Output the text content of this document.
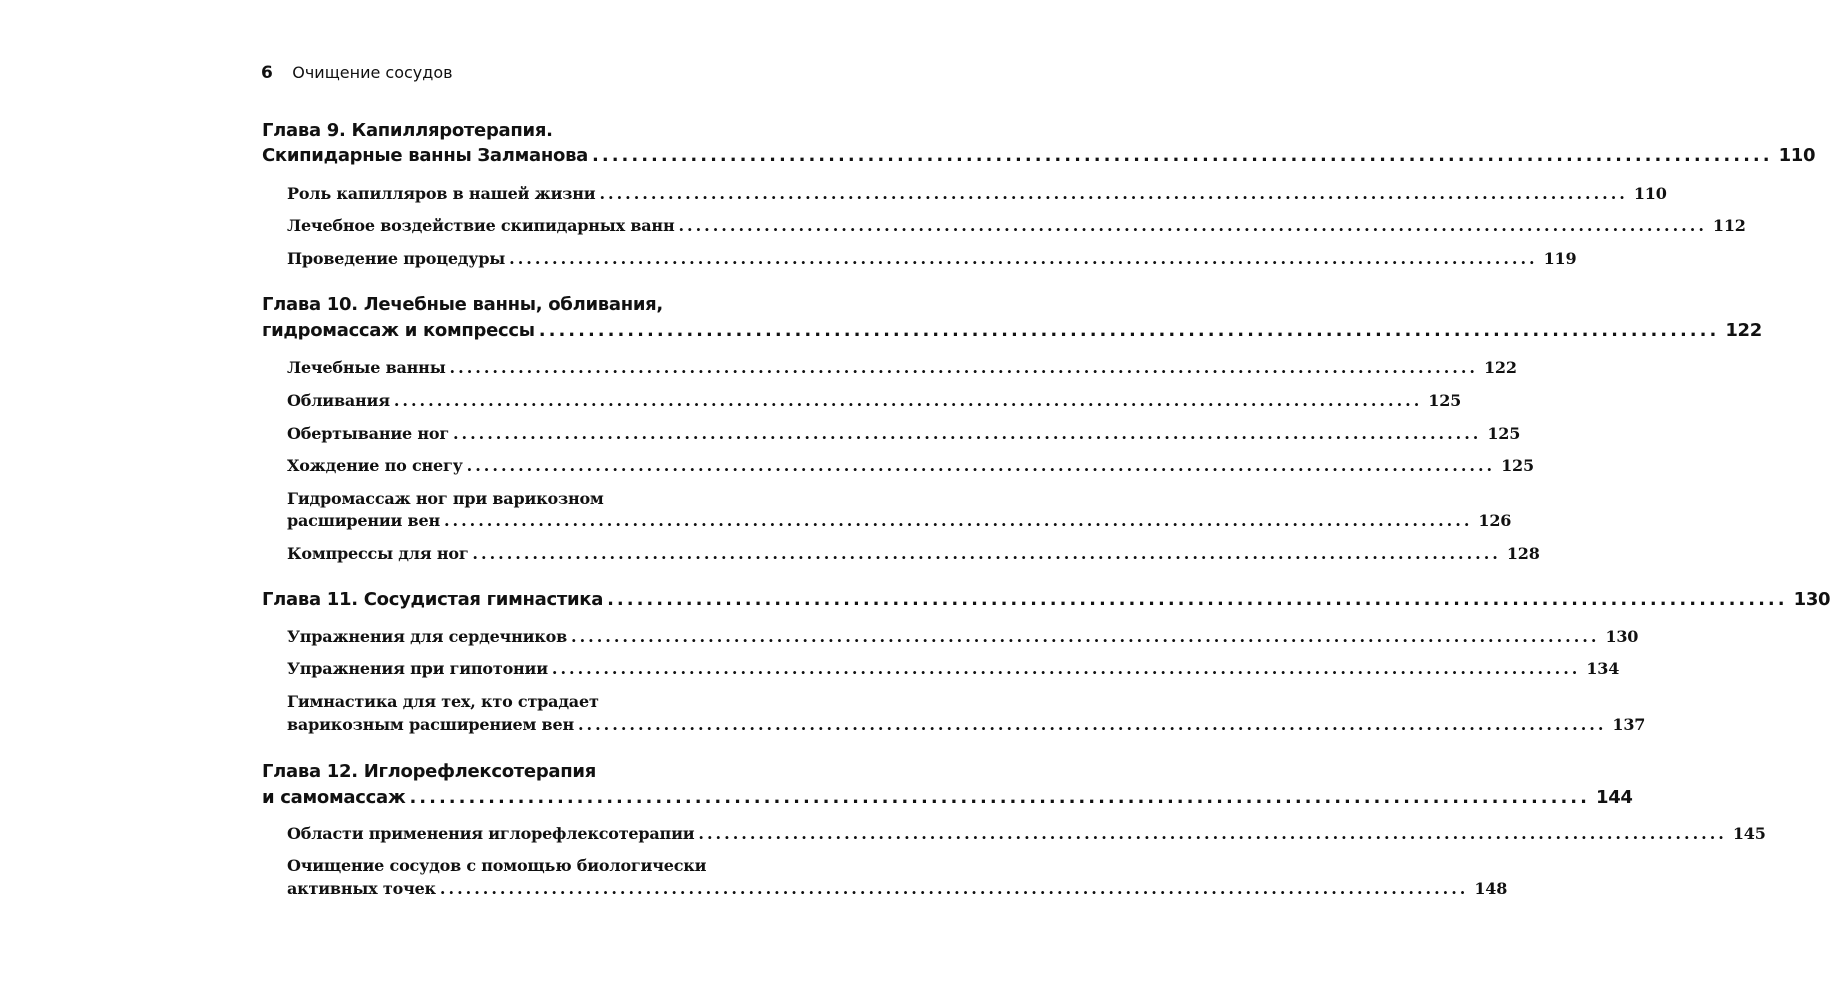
6 Очищение сосудов
Глава 9. Капилляротерапия.
Скипидарные ванны Залманова ........................................................................................................................ 110
Роль капилляров в нашей жизни ........................................................................................................................ 110
Лечебное воздействие скипидарных ванн ........................................................................................................................ 112
Проведение процедуры ........................................................................................................................ 119
Глава 10. Лечебные ванны, обливания,
гидромассаж и компрессы ........................................................................................................................ 122
Лечебные ванны ........................................................................................................................ 122
Обливания ........................................................................................................................ 125
Обертывание ног ........................................................................................................................ 125
Хождение по снегу ........................................................................................................................ 125
Гидромассаж ног при варикозном
расширении вен ........................................................................................................................ 126
Компрессы для ног ........................................................................................................................ 128
Глава 11. Сосудистая гимнастика ........................................................................................................................ 130
Упражнения для сердечников ........................................................................................................................ 130
Упражнения при гипотонии ........................................................................................................................ 134
Гимнастика для тех, кто страдает
варикозным расширением вен ........................................................................................................................ 137
Глава 12. Иглорефлексотерапия
и самомассаж ........................................................................................................................ 144
Области применения иглорефлексотерапии ........................................................................................................................ 145
Очищение сосудов с помощью биологически
активных точек ........................................................................................................................ 148
